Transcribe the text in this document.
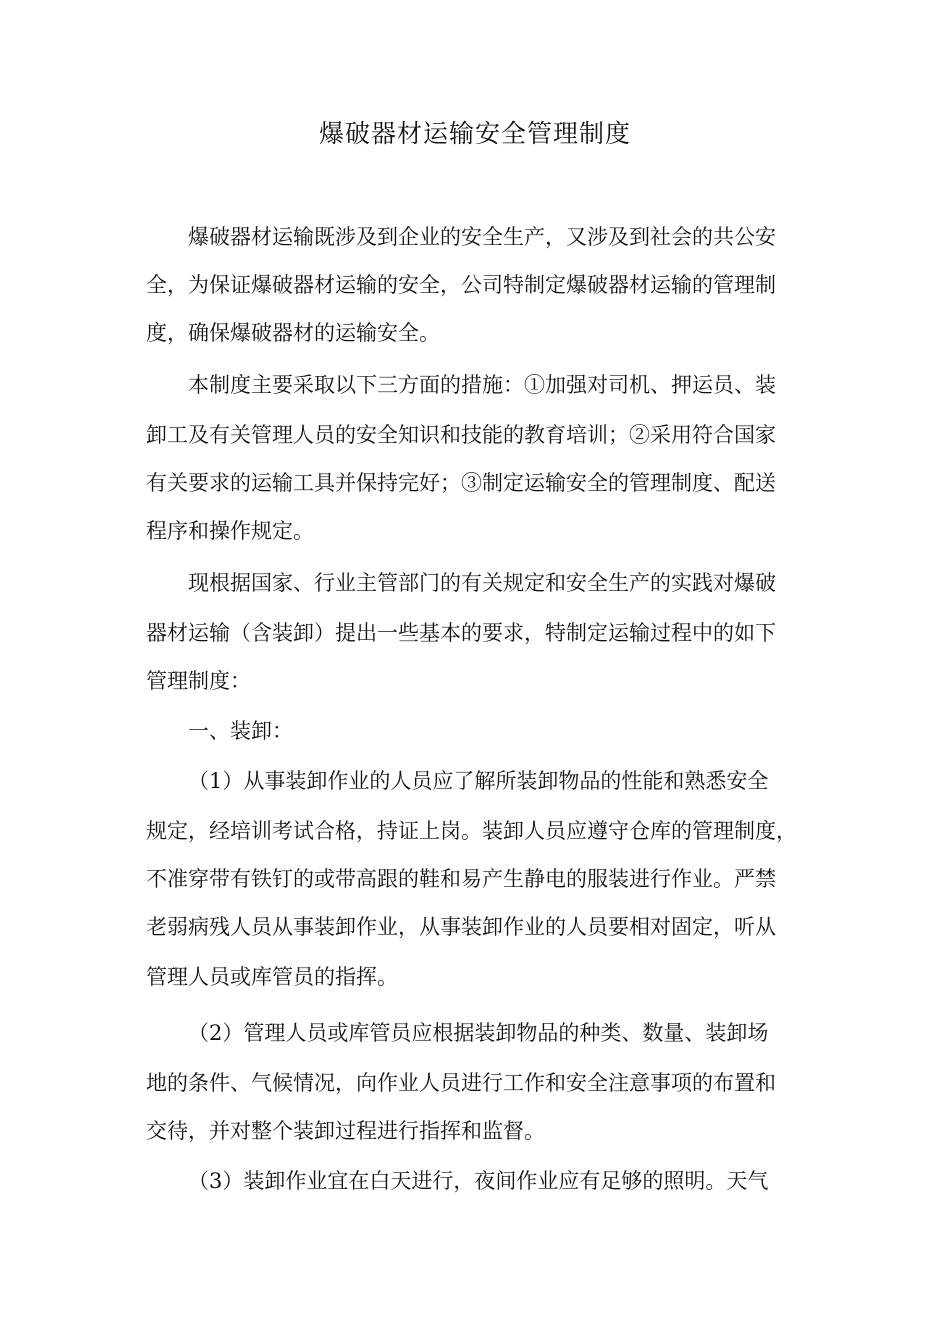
爆破器材运输安全管理制度

爆破器材运输既涉及到企业的安全生产，又涉及到社会的共公安

全，为保证爆破器材运输的安全，公司特制定爆破器材运输的管理制

度，确保爆破器材的运输安全。

本制度主要采取以下三方面的措施：①加强对司机、押运员、装

卸工及有关管理人员的安全知识和技能的教育培训；②采用符合国家

有关要求的运输工具并保持完好；③制定运输安全的管理制度、配送

程序和操作规定。

现根据国家、行业主管部门的有关规定和安全生产的实践对爆破

器材运输（含装卸）提出一些基本的要求，特制定运输过程中的如下

管理制度：

一、装卸：

（1）从事装卸作业的人员应了解所装卸物品的性能和熟悉安全

规定，经培训考试合格，持证上岗。装卸人员应遵守仓库的管理制度，

不准穿带有铁钉的或带高跟的鞋和易产生静电的服装进行作业。严禁

老弱病残人员从事装卸作业，从事装卸作业的人员要相对固定，听从

管理人员或库管员的指挥。

（2）管理人员或库管员应根据装卸物品的种类、数量、装卸场

地的条件、气候情况，向作业人员进行工作和安全注意事项的布置和

交待，并对整个装卸过程进行指挥和监督。

（3）装卸作业宜在白天进行，夜间作业应有足够的照明。天气
